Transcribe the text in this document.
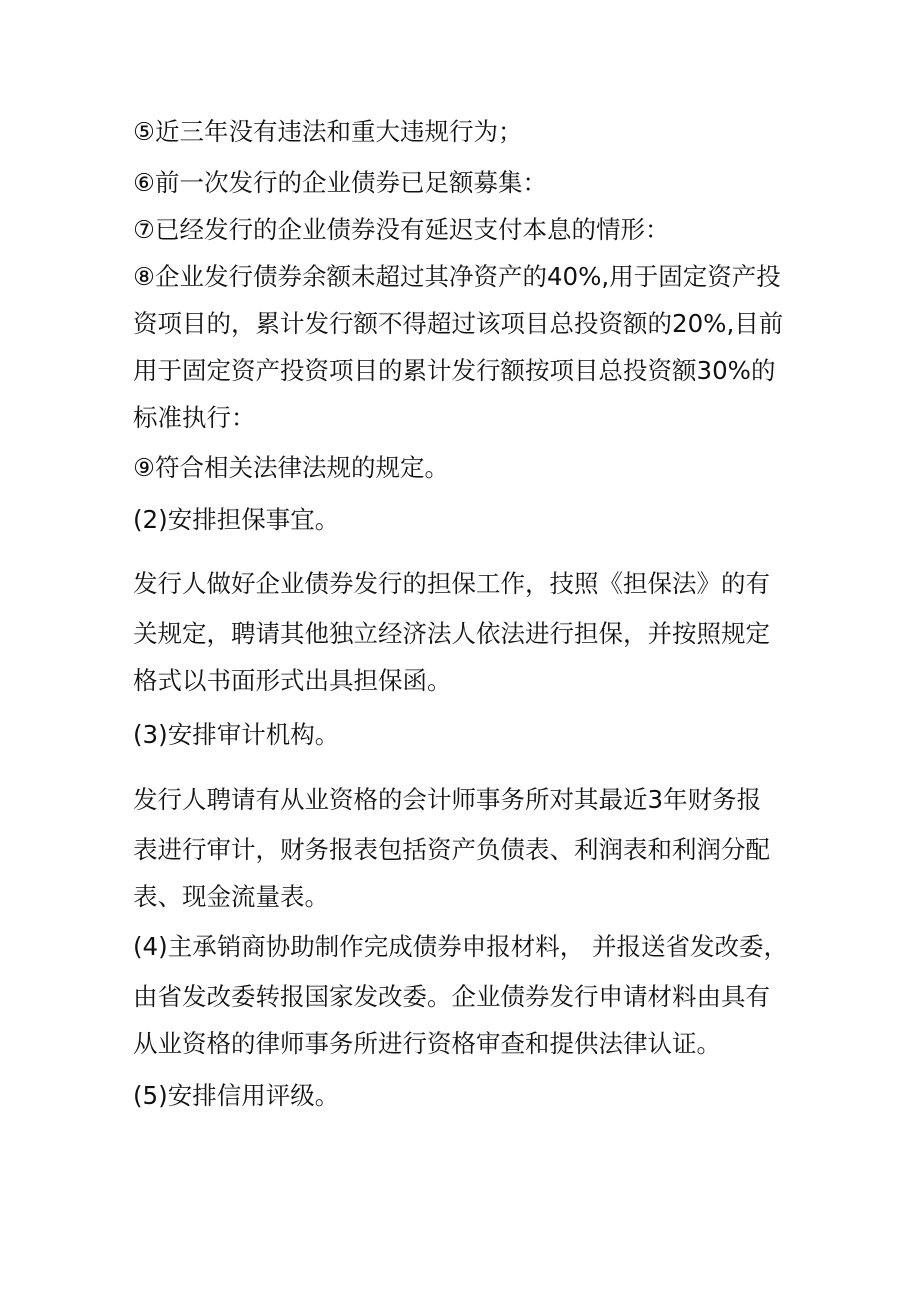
⑤近三年没有违法和重大违规行为；
⑥前一次发行的企业债券已足额募集：
⑦已经发行的企业债券没有延迟支付本息的情形：
⑧企业发行债券余额未超过其净资产的40%,用于固定资产投
资项目的，累计发行额不得超过该项目总投资额的20%,目前
用于固定资产投资项目的累计发行额按项目总投资额30%的
标准执行：
⑨符合相关法律法规的规定。
(2)安排担保事宜。
发行人做好企业债券发行的担保工作，技照《担保法》的有
关规定，聘请其他独立经济法人依法进行担保，并按照规定
格式以书面形式出具担保函。
(3)安排审计机构。
发行人聘请有从业资格的会计师事务所对其最近3年财务报
表进行审计，财务报表包括资产负债表、利润表和利润分配
表、现金流量表。
(4)主承销商协助制作完成债券申报材料， 并报送省发改委，
由省发改委转报国家发改委。企业债券发行申请材料由具有
从业资格的律师事务所进行资格审查和提供法律认证。
(5)安排信用评级。
